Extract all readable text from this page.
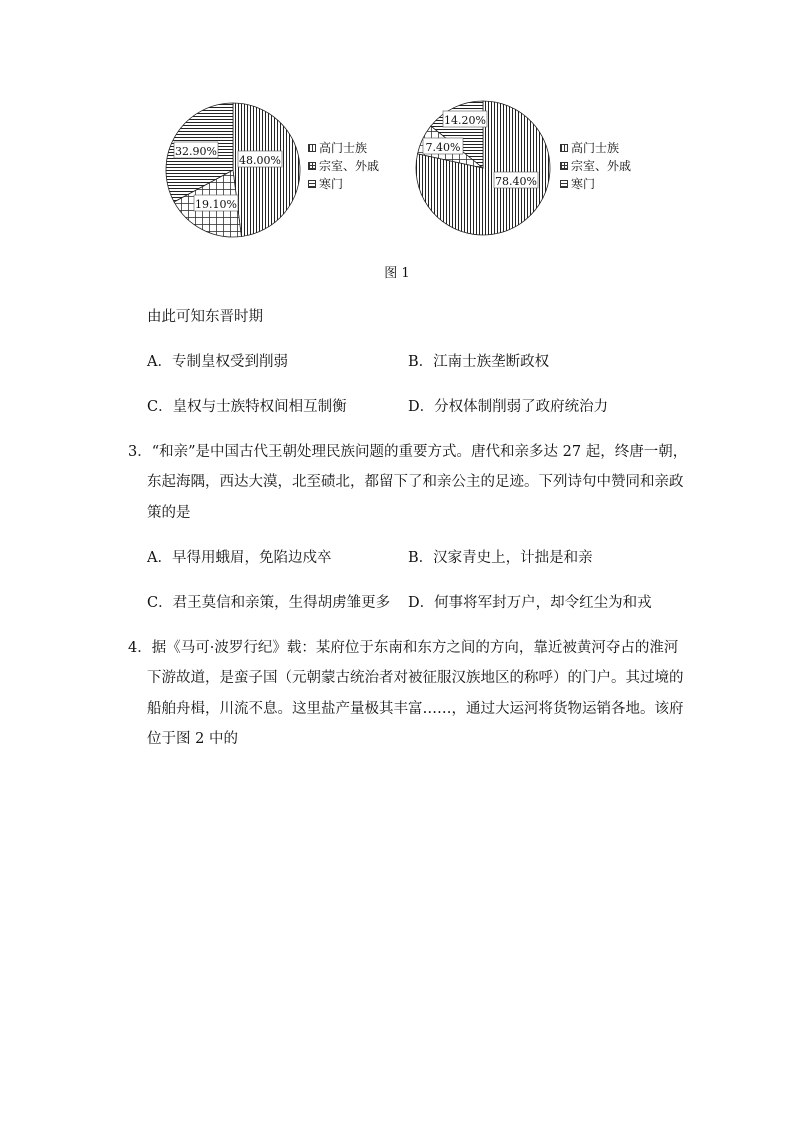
48.00%
19.10%
32.90%	高门士族
宗室、外戚
寒门	78.40%
7.40%
14.20%
高门士族
宗室、外戚
寒门
图 1
由此可知东晋时期
A．专制皇权受到削弱	B．江南士族垄断政权
C．皇权与士族特权间相互制衡	D．分权体制削弱了政府统治力
3．“和亲”是中国古代王朝处理民族问题的重要方式。唐代和亲多达 27 起，终唐一朝，
东起海隅，西达大漠，北至碛北，都留下了和亲公主的足迹。下列诗句中赞同和亲政
策的是
A．早得用蛾眉，免陷边戍卒	B．汉家青史上，计拙是和亲
C．君王莫信和亲策，生得胡虏雏更多 D．何事将军封万户，却令红尘为和戎
4．据《马可·波罗行纪》载：某府位于东南和东方之间的方向，靠近被黄河夺占的淮河
下游故道，是蛮子国（元朝蒙古统治者对被征服汉族地区的称呼）的门户。其过境的
船舶舟楫，川流不息。这里盐产量极其丰富……，通过大运河将货物运销各地。该府
位于图 2 中的
